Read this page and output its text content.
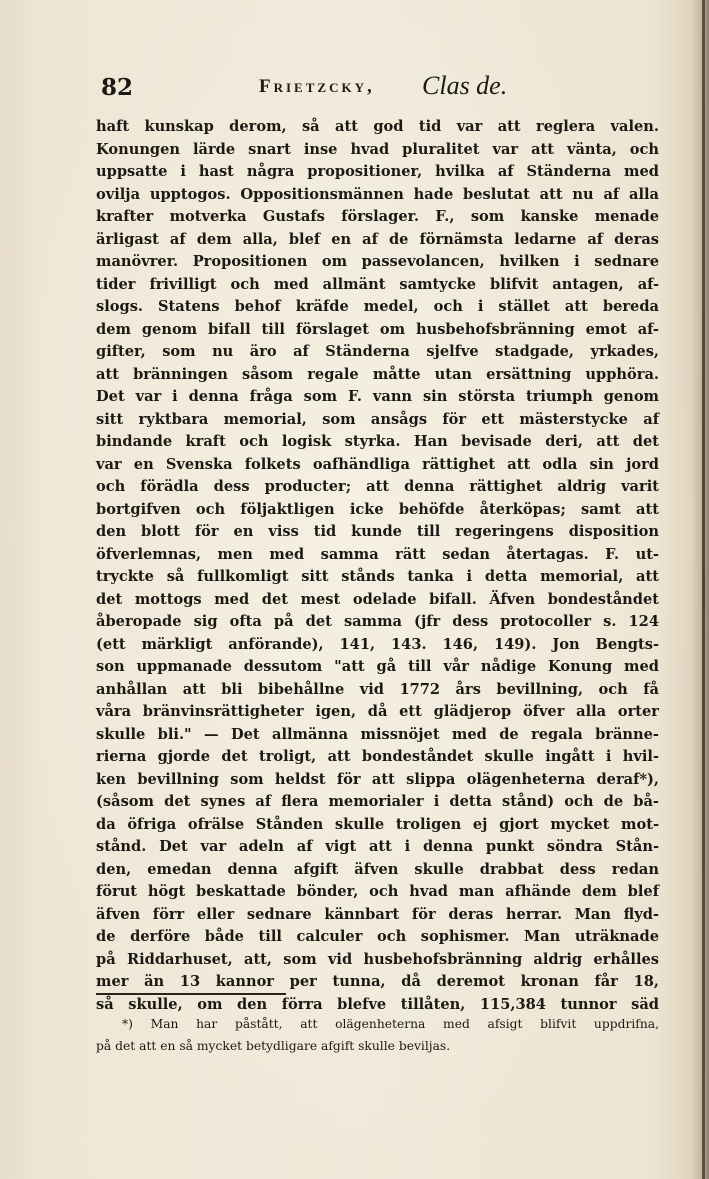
82	Frietzcky, Clas de.
haft kunskap derom, så att god tid var att reglera valen.
Konungen lärde snart inse hvad pluralitet var att vänta, och
uppsatte i hast några propositioner, hvilka af Ständerna med
ovilja upptogos. Oppositionsmännen hade beslutat att nu af alla
krafter motverka Gustafs förslager. F., som kanske menade
ärligast af dem alla, blef en af de förnämsta ledarne af deras
manövrer. Propositionen om passevolancen, hvilken i sednare
tider frivilligt och med allmänt samtycke blifvit antagen, af-
slogs. Statens behof kräfde medel, och i stället att bereda
dem genom bifall till förslaget om husbehofsbränning emot af-
gifter, som nu äro af Ständerna sjelfve stadgade, yrkades,
att bränningen såsom regale måtte utan ersättning upphöra.
Det var i denna fråga som F. vann sin största triumph genom
sitt ryktbara memorial, som ansågs för ett mästerstycke af
bindande kraft och logisk styrka. Han bevisade deri, att det
var en Svenska folkets oafhändliga rättighet att odla sin jord
och förädla dess producter; att denna rättighet aldrig varit
bortgifven och följaktligen icke behöfde återköpas; samt att
den blott för en viss tid kunde till regeringens disposition
öfverlemnas, men med samma rätt sedan återtagas. F. ut-
tryckte så fullkomligt sitt stånds tanka i detta memorial, att
det mottogs med det mest odelade bifall. Äfven bondeståndet
åberopade sig ofta på det samma (jfr dess protocoller s. 124
(ett märkligt anförande), 141, 143. 146, 149). Jon Bengts-
son uppmanade dessutom "att gå till vår nådige Konung med
anhållan att bli bibehållne vid 1772 års bevillning, och få
våra bränvinsrättigheter igen, då ett glädjerop öfver alla orter
skulle bli." — Det allmänna missnöjet med de regala bränne-
rierna gjorde det troligt, att bondeståndet skulle ingått i hvil-
ken bevillning som heldst för att slippa olägenheterna deraf*),
(såsom det synes af flera memorialer i detta stånd) och de bå-
da öfriga ofrälse Stånden skulle troligen ej gjort mycket mot-
stånd. Det var adeln af vigt att i denna punkt söndra Stån-
den, emedan denna afgift äfven skulle drabbat dess redan
förut högt beskattade bönder, och hvad man afhände dem blef
äfven förr eller sednare kännbart för deras herrar. Man flyd-
de derföre både till calculer och sophismer. Man uträknade
på Riddarhuset, att, som vid husbehofsbränning aldrig erhålles
mer än 13 kannor per tunna, då deremot kronan får 18,
så skulle, om den förra blefve tillåten, 115,384 tunnor säd
*) Man har påstått, att olägenheterna med afsigt blifvit uppdrifna,
på det att en så mycket betydligare afgift skulle beviljas.
